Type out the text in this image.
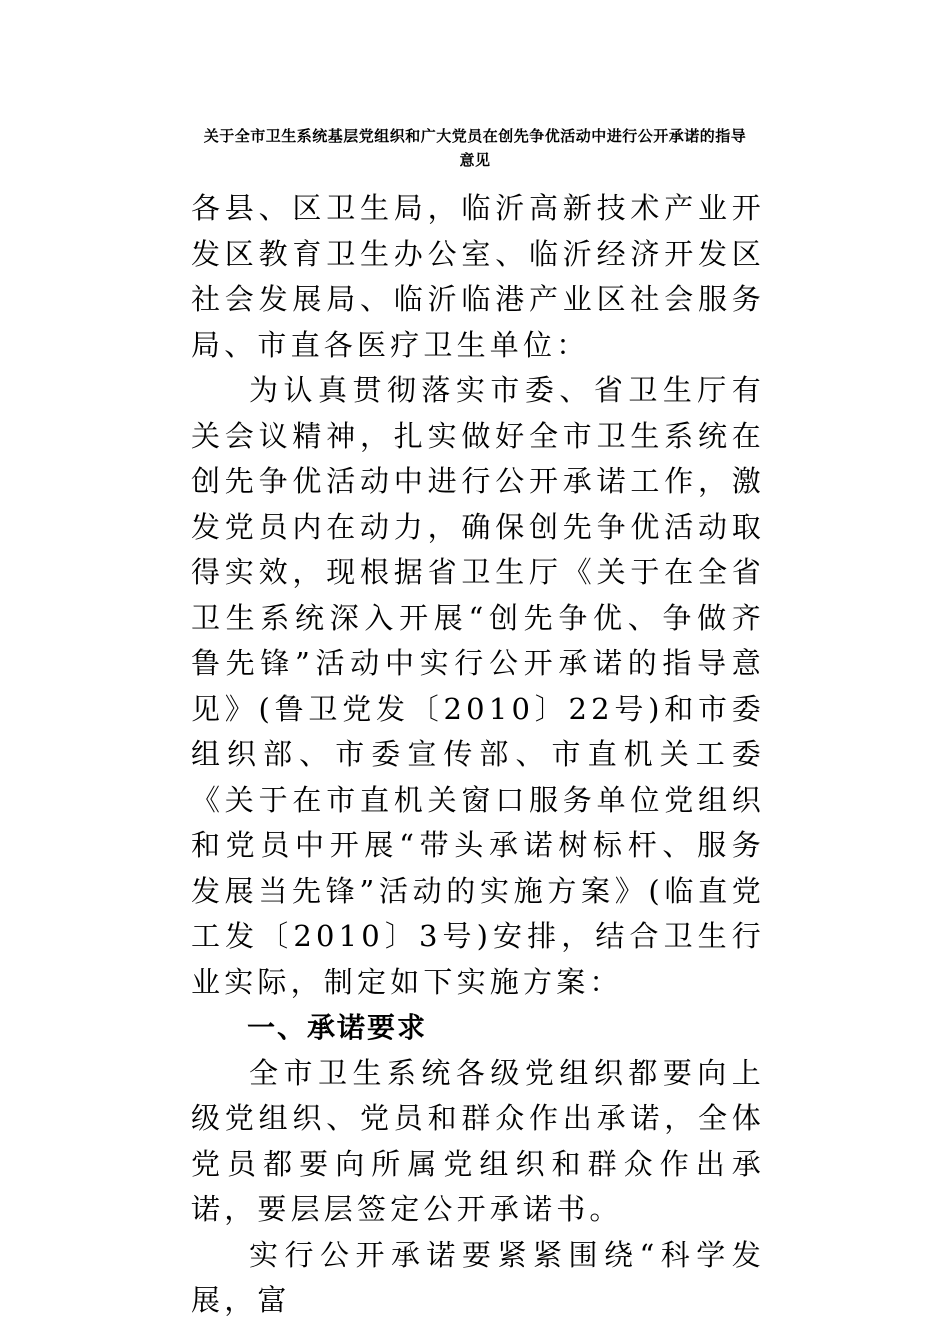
关于全市卫生系统基层党组织和广大党员在创先争优活动中进行公开承诺的指导
意见

各县、区卫生局，临沂高新技术产业开发区教育卫生办公室、临沂经济开发区社会发展局、临沂临港产业区社会服务局、市直各医疗卫生单位：

为认真贯彻落实市委、省卫生厅有关会议精神，扎实做好全市卫生系统在创先争优活动中进行公开承诺工作，激发党员内在动力，确保创先争优活动取得实效，现根据省卫生厅《关于在全省卫生系统深入开展“创先争优、争做齐鲁先锋”活动中实行公开承诺的指导意见》(鲁卫党发〔2010〕22号)和市委组织部、市委宣传部、市直机关工委《关于在市直机关窗口服务单位党组织和党员中开展“带头承诺树标杆、服务发展当先锋”活动的实施方案》(临直党工发〔2010〕3号)安排，结合卫生行业实际，制定如下实施方案：

一、承诺要求

全市卫生系统各级党组织都要向上级党组织、党员和群众作出承诺，全体党员都要向所属党组织和群众作出承诺，要层层签定公开承诺书。

实行公开承诺要紧紧围绕“科学发展，富
